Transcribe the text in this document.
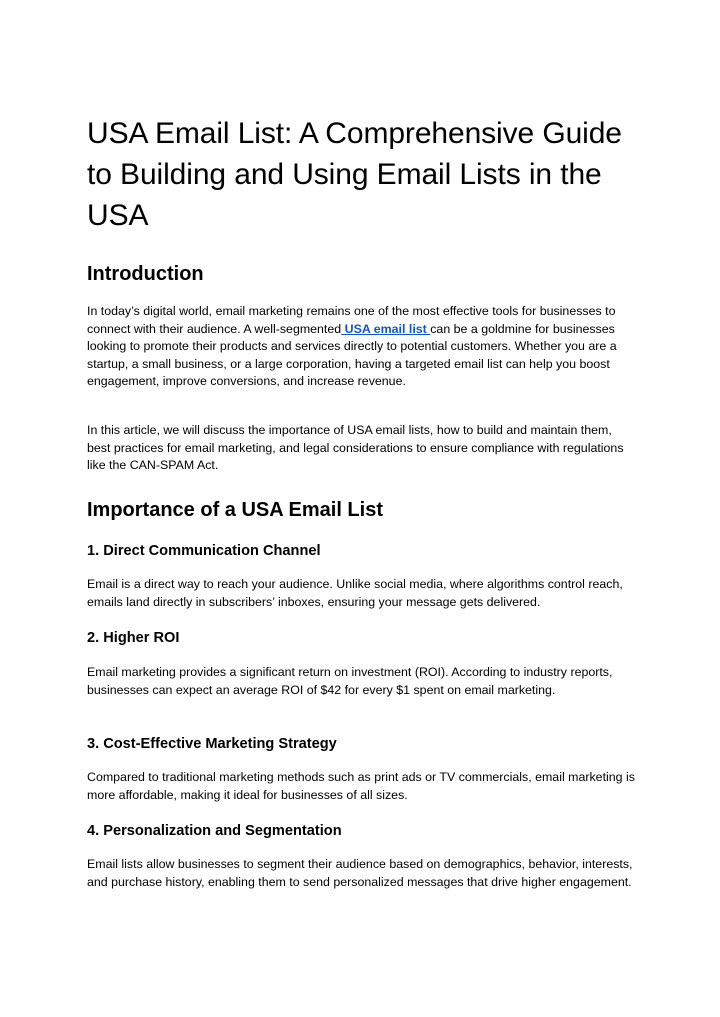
USA Email List: A Comprehensive Guide to Building and Using Email Lists in the USA
Introduction

In today’s digital world, email marketing remains one of the most effective tools for businesses to connect with their audience. A well-segmented USA email list can be a goldmine for businesses looking to promote their products and services directly to potential customers. Whether you are a startup, a small business, or a large corporation, having a targeted email list can help you boost engagement, improve conversions, and increase revenue.

In this article, we will discuss the importance of USA email lists, how to build and maintain them, best practices for email marketing, and legal considerations to ensure compliance with regulations like the CAN-SPAM Act.

Importance of a USA Email List
1. Direct Communication Channel

Email is a direct way to reach your audience. Unlike social media, where algorithms control reach, emails land directly in subscribers’ inboxes, ensuring your message gets delivered.

2. Higher ROI

Email marketing provides a significant return on investment (ROI). According to industry reports, businesses can expect an average ROI of $42 for every $1 spent on email marketing.

3. Cost-Effective Marketing Strategy

Compared to traditional marketing methods such as print ads or TV commercials, email marketing is more affordable, making it ideal for businesses of all sizes.

4. Personalization and Segmentation

Email lists allow businesses to segment their audience based on demographics, behavior, interests, and purchase history, enabling them to send personalized messages that drive higher engagement.
